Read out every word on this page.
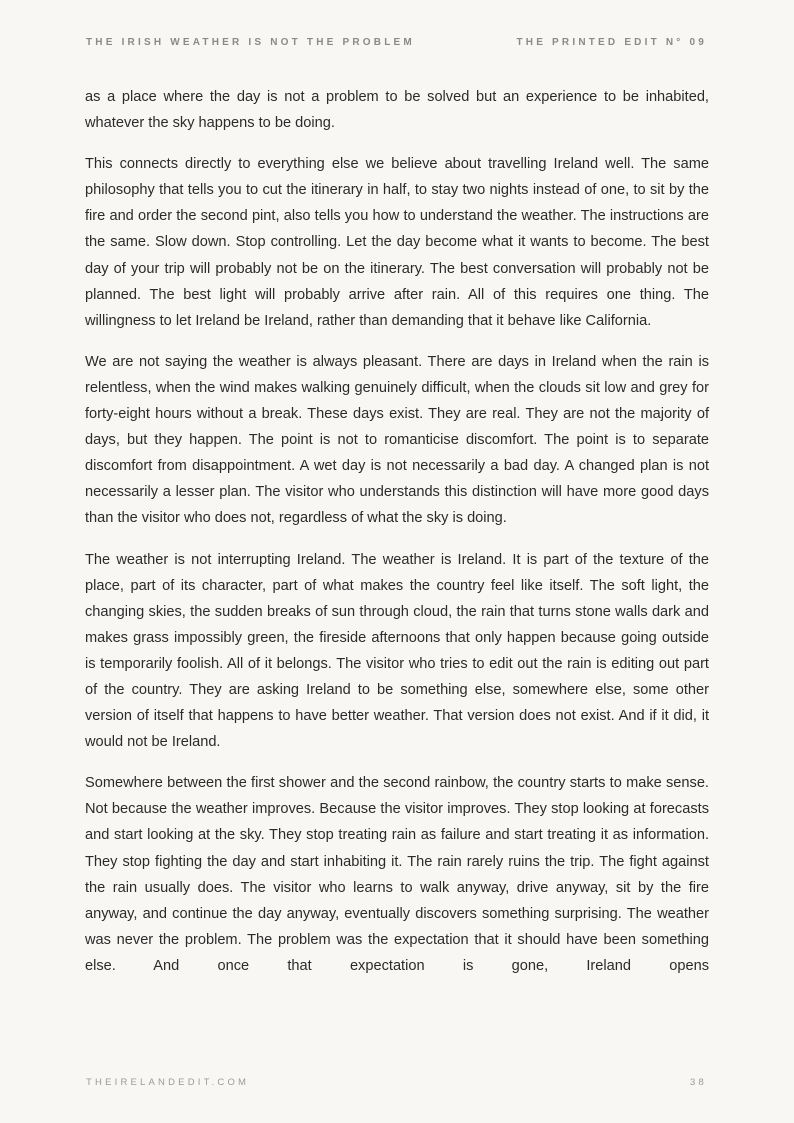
THE IRISH WEATHER IS NOT THE PROBLEM	THE PRINTED EDIT N° 09

as a place where the day is not a problem to be solved but an experience to be inhabited, whatever the sky happens to be doing.

This connects directly to everything else we believe about travelling Ireland well. The same philosophy that tells you to cut the itinerary in half, to stay two nights instead of one, to sit by the fire and order the second pint, also tells you how to understand the weather. The instructions are the same. Slow down. Stop controlling. Let the day become what it wants to become. The best day of your trip will probably not be on the itinerary. The best conversation will probably not be planned. The best light will probably arrive after rain. All of this requires one thing. The willingness to let Ireland be Ireland, rather than demanding that it behave like California.

We are not saying the weather is always pleasant. There are days in Ireland when the rain is relentless, when the wind makes walking genuinely difficult, when the clouds sit low and grey for forty-eight hours without a break. These days exist. They are real. They are not the majority of days, but they happen. The point is not to romanticise discomfort. The point is to separate discomfort from disappointment. A wet day is not necessarily a bad day. A changed plan is not necessarily a lesser plan. The visitor who understands this distinction will have more good days than the visitor who does not, regardless of what the sky is doing.

The weather is not interrupting Ireland. The weather is Ireland. It is part of the texture of the place, part of its character, part of what makes the country feel like itself. The soft light, the changing skies, the sudden breaks of sun through cloud, the rain that turns stone walls dark and makes grass impossibly green, the fireside afternoons that only happen because going outside is temporarily foolish. All of it belongs. The visitor who tries to edit out the rain is editing out part of the country. They are asking Ireland to be something else, somewhere else, some other version of itself that happens to have better weather. That version does not exist. And if it did, it would not be Ireland.

Somewhere between the first shower and the second rainbow, the country starts to make sense. Not because the weather improves. Because the visitor improves. They stop looking at forecasts and start looking at the sky. They stop treating rain as failure and start treating it as information. They stop fighting the day and start inhabiting it. The rain rarely ruins the trip. The fight against the rain usually does. The visitor who learns to walk anyway, drive anyway, sit by the fire anyway, and continue the day anyway, eventually discovers something surprising. The weather was never the problem. The problem was the expectation that it should have been something else. And once that expectation is gone, Ireland opens

THEIRELANDEDIT.COM	38
